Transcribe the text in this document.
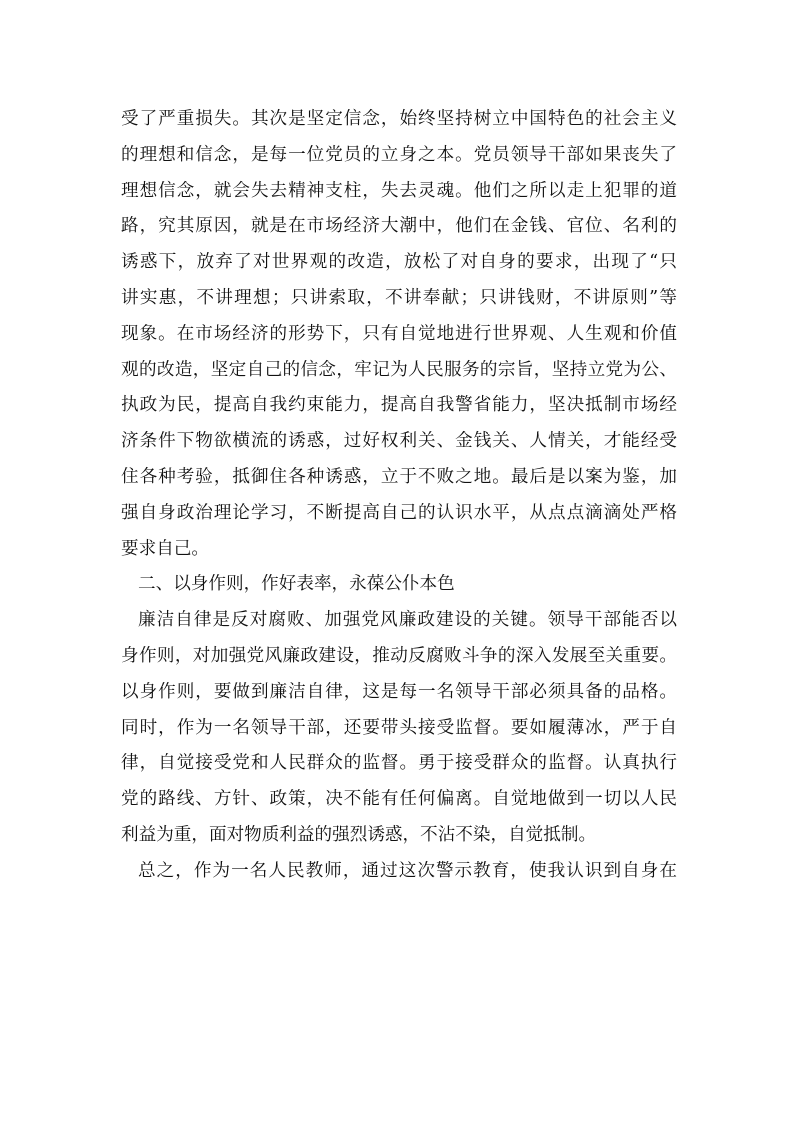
受了严重损失。其次是坚定信念，始终坚持树立中国特色的社会主义
的理想和信念，是每一位党员的立身之本。党员领导干部如果丧失了
理想信念，就会失去精神支柱，失去灵魂。他们之所以走上犯罪的道
路，究其原因，就是在市场经济大潮中，他们在金钱、官位、名利的
诱惑下，放弃了对世界观的改造，放松了对自身的要求，出现了“只
讲实惠，不讲理想；只讲索取，不讲奉献；只讲钱财，不讲原则”等
现象。在市场经济的形势下，只有自觉地进行世界观、人生观和价值
观的改造，坚定自己的信念，牢记为人民服务的宗旨，坚持立党为公、
执政为民，提高自我约束能力，提高自我警省能力，坚决抵制市场经
济条件下物欲横流的诱惑，过好权利关、金钱关、人情关，才能经受
住各种考验，抵御住各种诱惑，立于不败之地。最后是以案为鉴，加
强自身政治理论学习，不断提高自己的认识水平，从点点滴滴处严格
要求自己。
二、以身作则，作好表率，永葆公仆本色
廉洁自律是反对腐败、加强党风廉政建设的关键。领导干部能否以
身作则，对加强党风廉政建设，推动反腐败斗争的深入发展至关重要。
以身作则，要做到廉洁自律，这是每一名领导干部必须具备的品格。
同时，作为一名领导干部，还要带头接受监督。要如履薄冰，严于自
律，自觉接受党和人民群众的监督。勇于接受群众的监督。认真执行
党的路线、方针、政策，决不能有任何偏离。自觉地做到一切以人民
利益为重，面对物质利益的强烈诱惑，不沾不染，自觉抵制。
总之，作为一名人民教师，通过这次警示教育，使我认识到自身在
